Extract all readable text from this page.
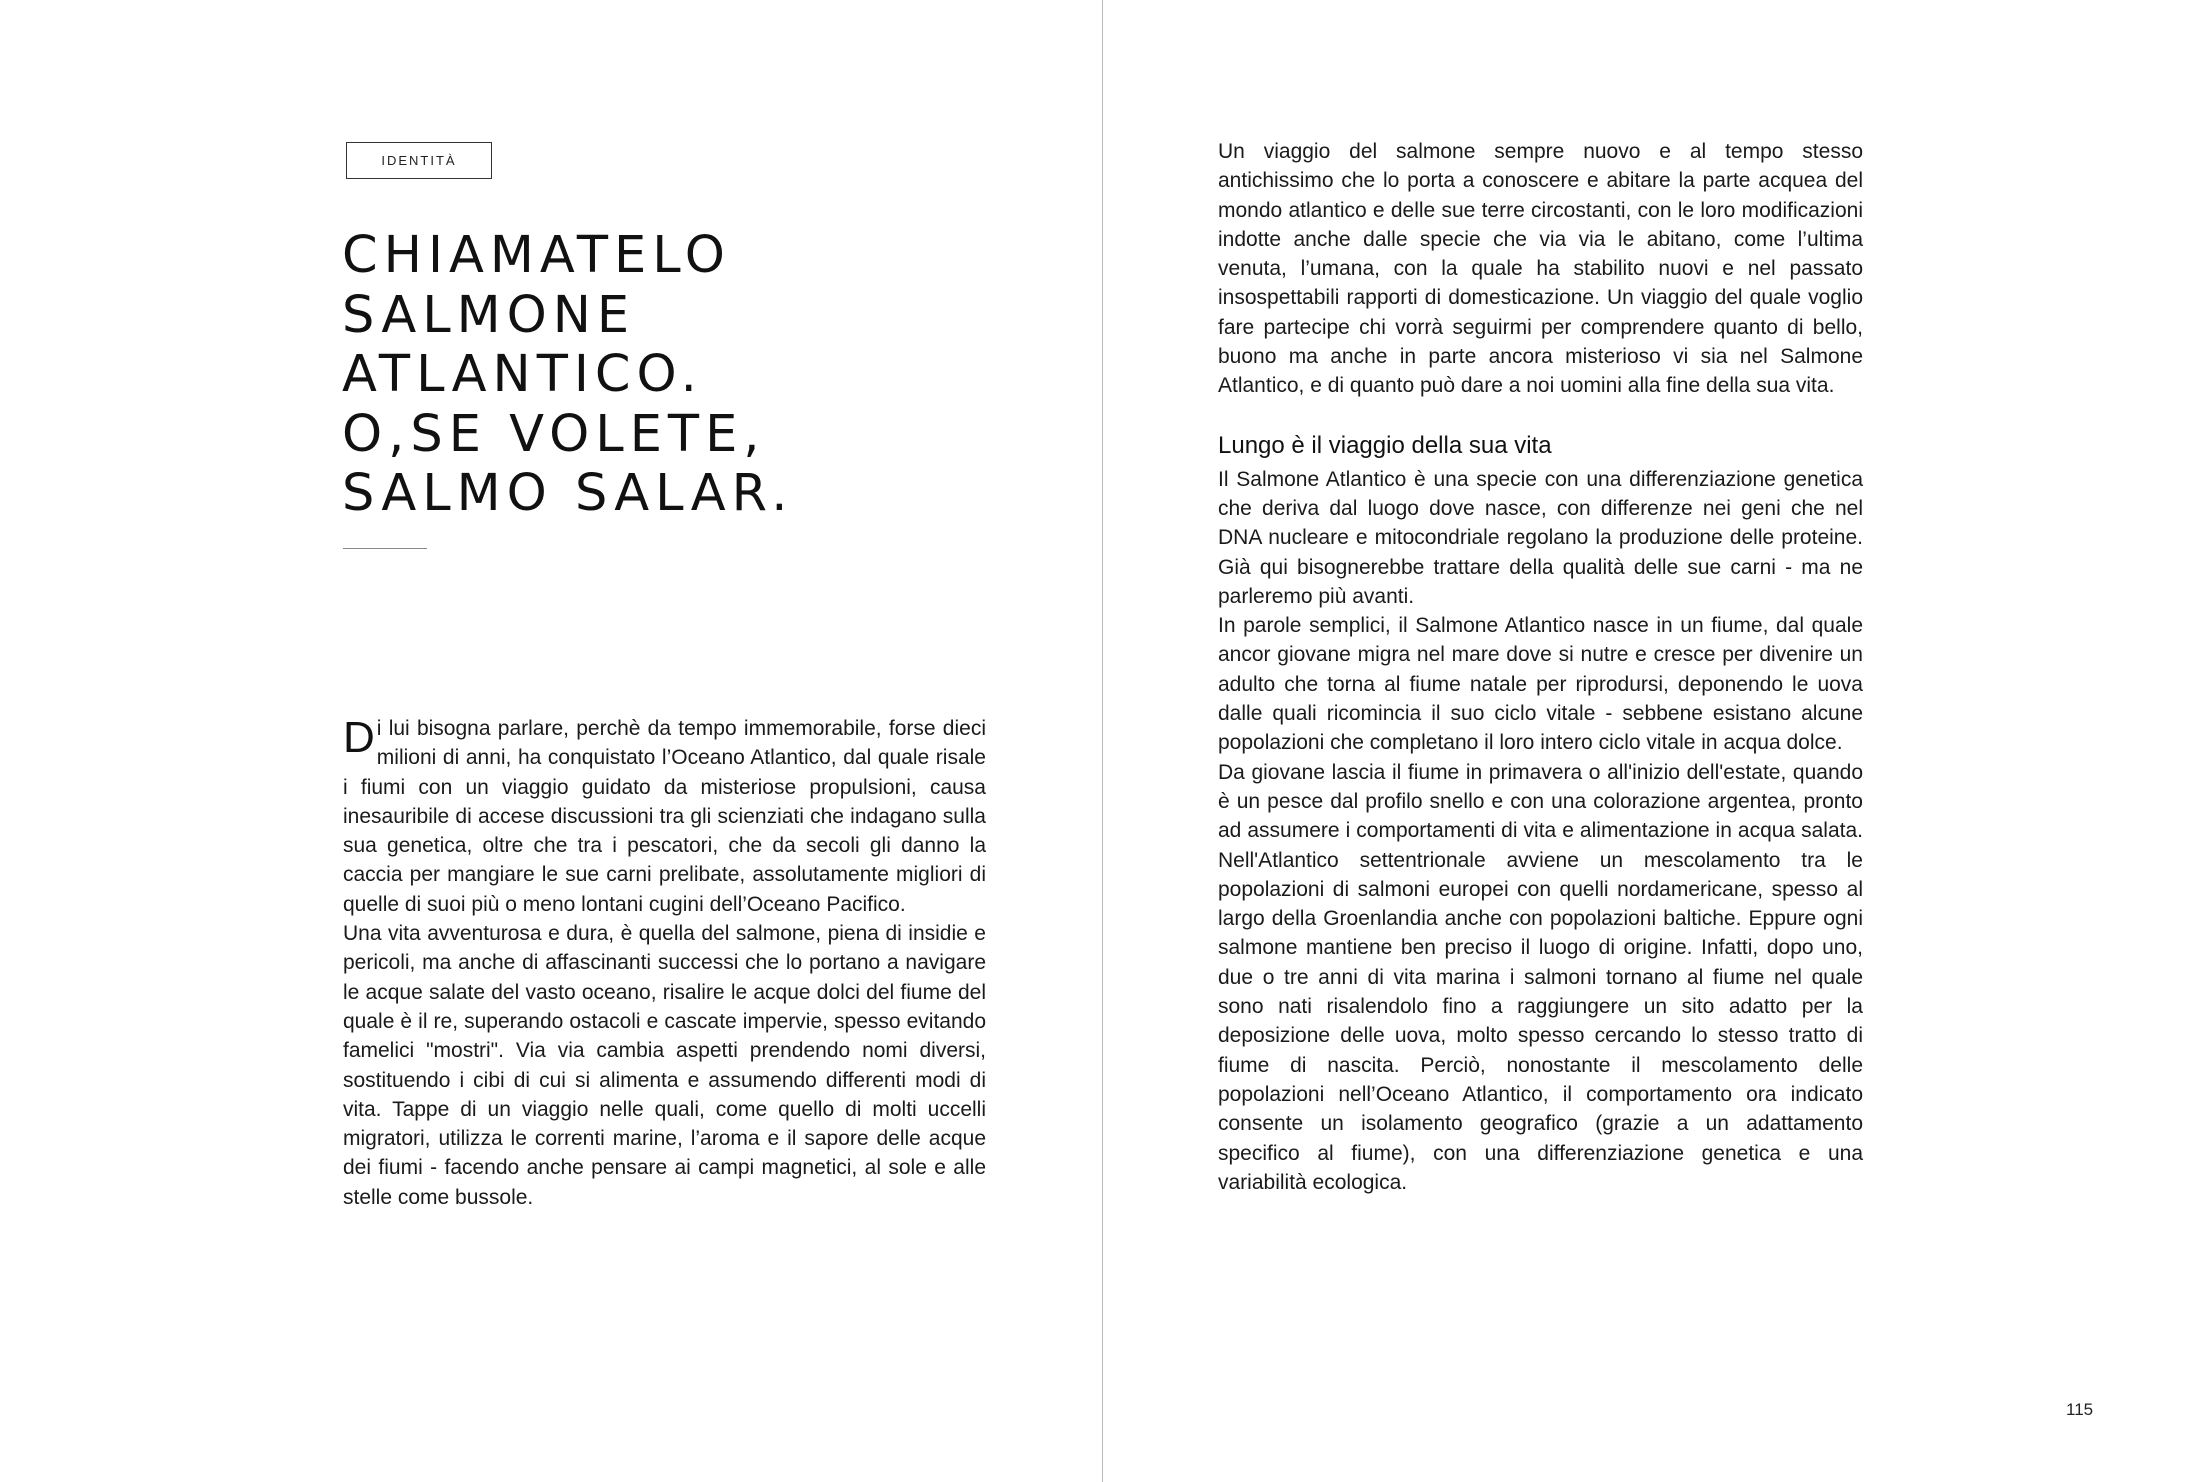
IDENTITÀ
CHIAMATELO
SALMONE
ATLANTICO.
O,SE VOLETE,
SALMO SALAR.

Di lui bisogna parlare, perchè da tempo immemorabile, forse dieci milioni di anni, ha conquistato l’Oceano Atlantico, dal quale risale i fiumi con un viaggio guidato da misteriose propulsioni, causa inesauribile di accese discussioni tra gli scienziati che indagano sulla sua genetica, oltre che tra i pescatori, che da secoli gli danno la caccia per mangiare le sue carni prelibate, assolutamente migliori di quelle di suoi più o meno lontani cugini dell’Oceano Pacifico.

Una vita avventurosa e dura, è quella del salmone, piena di insidie e pericoli, ma anche di affascinanti successi che lo portano a navigare le acque salate del vasto oceano, risalire le acque dolci del fiume del quale è il re, superando ostacoli e cascate impervie, spesso evitando famelici "mostri". Via via cambia aspetti prendendo nomi diversi, sostituendo i cibi di cui si alimenta e assumendo differenti modi di vita. Tappe di un viaggio nelle quali, come quello di molti uccelli migratori, utilizza le correnti marine, l’aroma e il sapore delle acque dei fiumi - facendo anche pensare ai campi magnetici, al sole e alle stelle come bussole.

Un viaggio del salmone sempre nuovo e al tempo stesso antichissimo che lo porta a conoscere e abitare la parte acquea del mondo atlantico e delle sue terre circostanti, con le loro modificazioni indotte anche dalle specie che via via le abitano, come l’ultima venuta, l’umana, con la quale ha stabilito nuovi e nel passato insospettabili rapporti di domesticazione. Un viaggio del quale voglio fare partecipe chi vorrà seguirmi per comprendere quanto di bello, buono ma anche in parte ancora misterioso vi sia nel Salmone Atlantico, e di quanto può dare a noi uomini alla fine della sua vita.

Lungo è il viaggio della sua vita

Il Salmone Atlantico è una specie con una differenziazione genetica che deriva dal luogo dove nasce, con differenze nei geni che nel DNA nucleare e mitocondriale regolano la produzione delle proteine. Già qui bisognerebbe trattare della qualità delle sue carni - ma ne parleremo più avanti.

In parole semplici, il Salmone Atlantico nasce in un fiume, dal quale ancor giovane migra nel mare dove si nutre e cresce per divenire un adulto che torna al fiume natale per riprodursi, deponendo le uova dalle quali ricomincia il suo ciclo vitale - sebbene esistano alcune popolazioni che completano il loro intero ciclo vitale in acqua dolce.

Da giovane lascia il fiume in primavera o all'inizio dell'estate, quando è un pesce dal profilo snello e con una colorazione argentea, pronto ad assumere i comportamenti di vita e alimentazione in acqua salata. Nell'Atlantico settentrionale avviene un mescolamento tra le popolazioni di salmoni europei con quelli nordamericane, spesso al largo della Groenlandia anche con popolazioni baltiche. Eppure ogni salmone mantiene ben preciso il luogo di origine. Infatti, dopo uno, due o tre anni di vita marina i salmoni tornano al fiume nel quale sono nati risalendolo fino a raggiungere un sito adatto per la deposizione delle uova, molto spesso cercando lo stesso tratto di fiume di nascita. Perciò, nonostante il mescolamento delle popolazioni nell’Oceano Atlantico, il comportamento ora indicato consente un isolamento geografico (grazie a un adattamento specifico al fiume), con una differenziazione genetica e una variabilità ecologica.

115
